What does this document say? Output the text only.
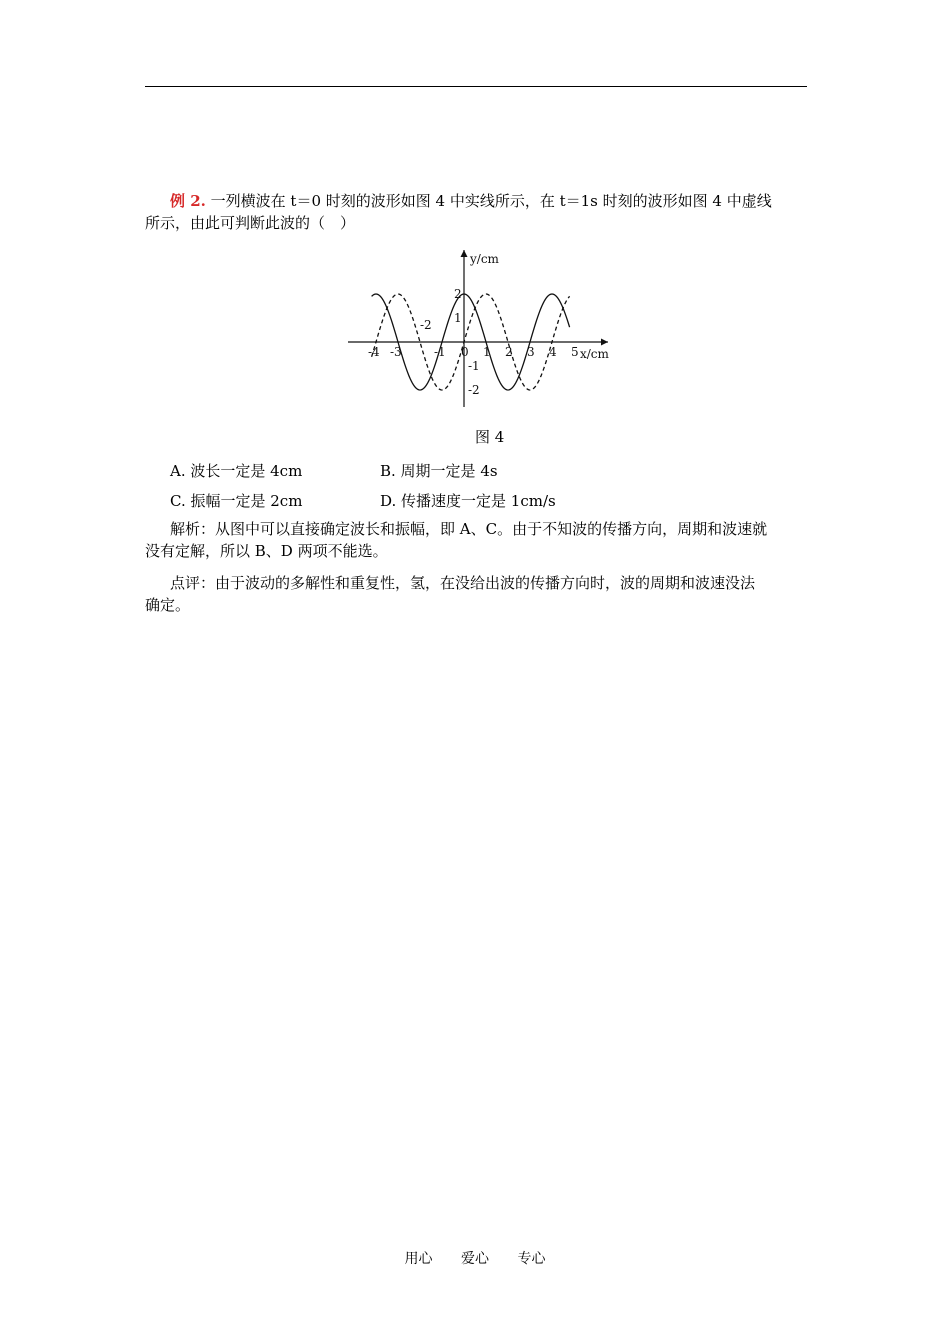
例 2. 一列横波在 t＝0 时刻的波形如图 4 中实线所示，在 t＝1s 时刻的波形如图 4 中虚线

所示，由此可判断此波的（　）

-4 -3	-1 0 1 2 3 4 5
2
1
-1
-2
y/cm
x/cm
-2
图 4
A. 波长一定是 4cm	B. 周期一定是 4s
C. 振幅一定是 2cm	D. 传播速度一定是 1cm/s

解析：从图中可以直接确定波长和振幅，即 A、C。由于不知波的传播方向，周期和波速就

没有定解，所以 B、D 两项不能选。

点评：由于波动的多解性和重复性，氢，在没给出波的传播方向时，波的周期和波速没法

确定。

用心 爱心 专心
